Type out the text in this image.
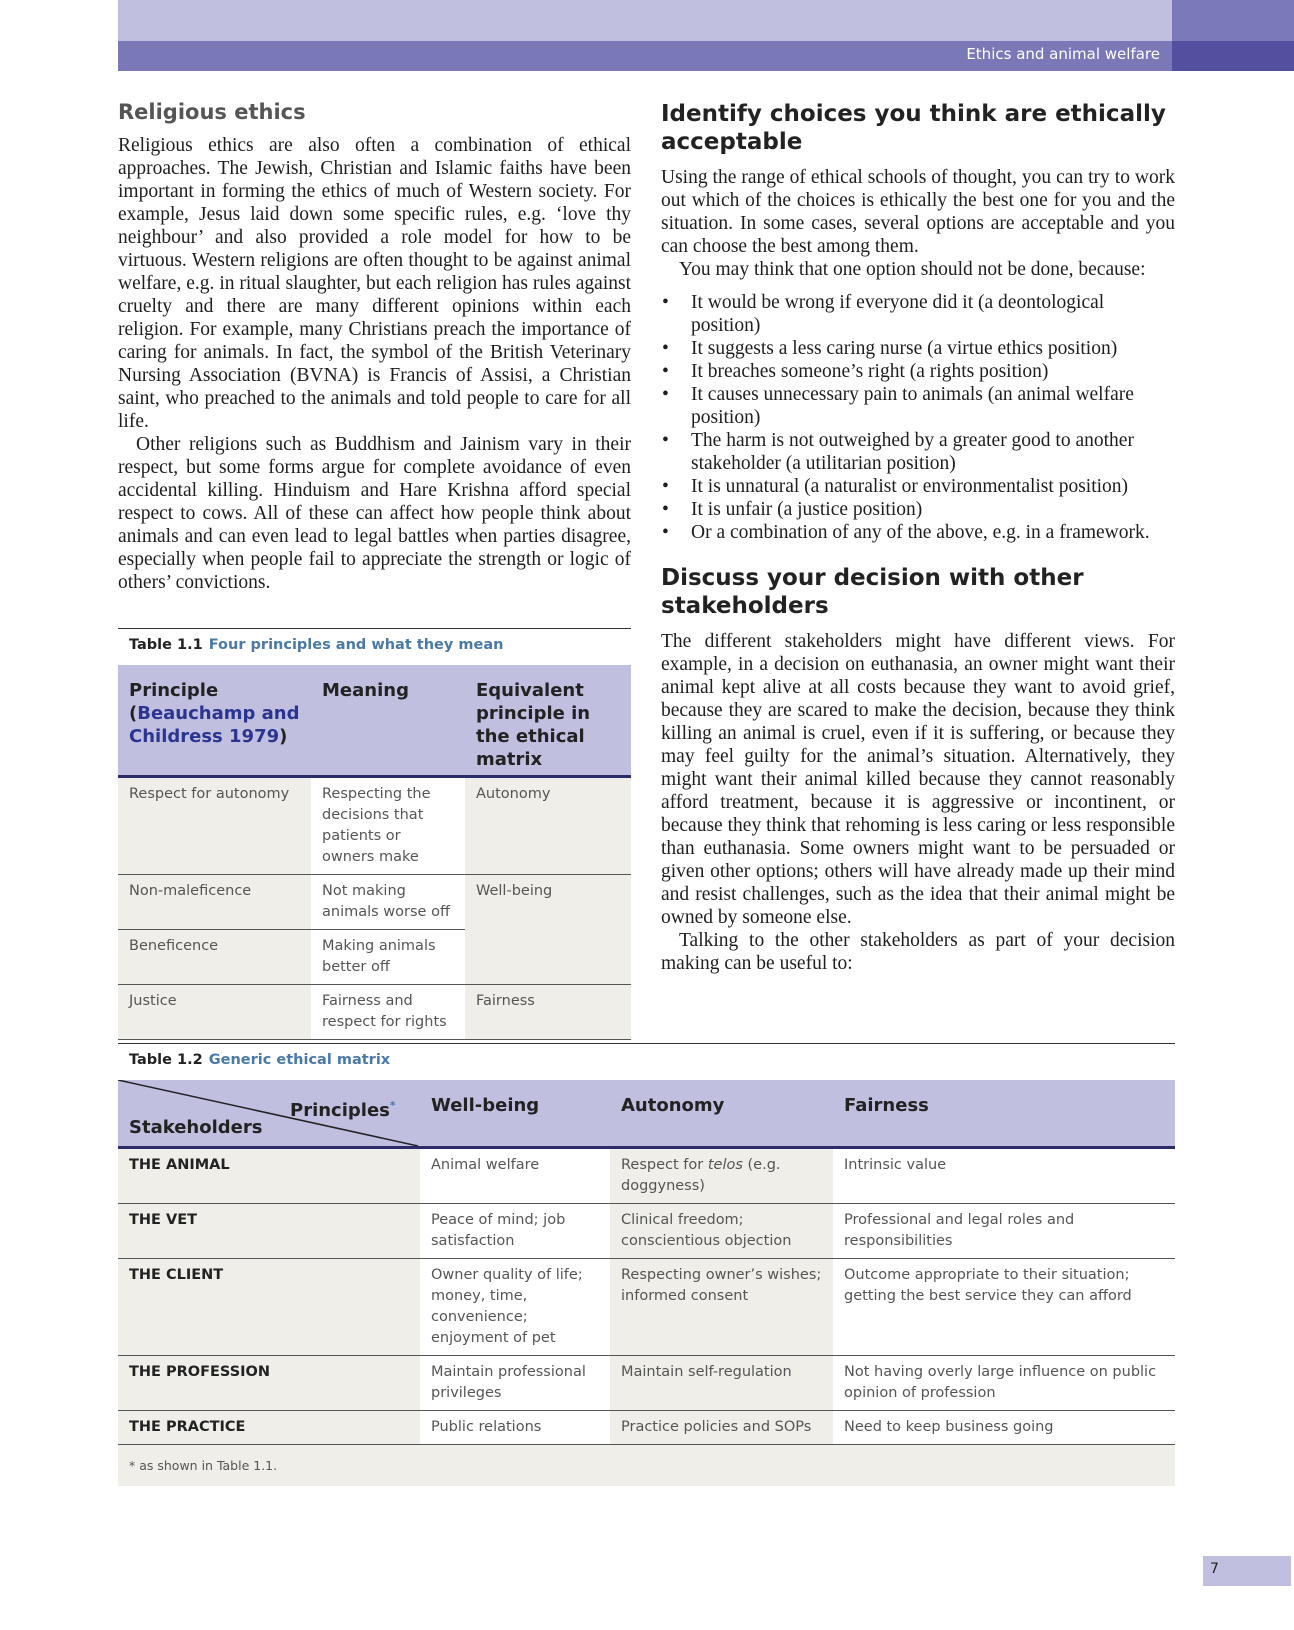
Ethics and animal welfare
Religious ethics

Religious ethics are also often a combination of ethical approaches. The Jewish, Christian and Islamic faiths have been important in forming the ethics of much of Western society. For example, Jesus laid down some specific rules, e.g. ‘love thy neighbour’ and also provided a role model for how to be virtuous. Western religions are often thought to be against animal welfare, e.g. in ritual slaughter, but each religion has rules against cruelty and there are many different opinions within each religion. For example, many Christians preach the importance of caring for animals. In fact, the symbol of the British Veterinary Nursing Association (BVNA) is Francis of Assisi, a Christian saint, who preached to the animals and told people to care for all life.

Other religions such as Buddhism and Jainism vary in their respect, but some forms argue for complete avoidance of even accidental killing. Hinduism and Hare Krishna afford special respect to cows. All of these can affect how people think about animals and can even lead to legal battles when parties disagree, especially when people fail to appreciate the strength or logic of others’ convictions.

Identify choices you think are ethically acceptable

Using the range of ethical schools of thought, you can try to work out which of the choices is ethically the best one for you and the situation. In some cases, several options are acceptable and you can choose the best among them.

You may think that one option should not be done, because:

• It would be wrong if everyone did it (a deontological position)
• It suggests a less caring nurse (a virtue ethics position)
• It breaches someone’s right (a rights position)
• It causes unnecessary pain to animals (an animal welfare position)
• The harm is not outweighed by a greater good to another stakeholder (a utilitarian position)
• It is unnatural (a naturalist or environmentalist position)
• It is unfair (a justice position)
• Or a combination of any of the above, e.g. in a framework.
Discuss your decision with other stakeholders

The different stakeholders might have different views. For example, in a decision on euthanasia, an owner might want their animal kept alive at all costs because they want to avoid grief, because they are scared to make the decision, because they think killing an animal is cruel, even if it is suffering, or because they may feel guilty for the animal’s situation. Alternatively, they might want their animal killed because they cannot reasonably afford treatment, because it is aggressive or incontinent, or because they think that rehoming is less caring or less responsible than euthanasia. Some owners might want to be persuaded or given other options; others will have already made up their mind and resist challenges, such as the idea that their animal might be owned by someone else.

Talking to the other stakeholders as part of your decision making can be useful to:

Table 1.1 Four principles and what they mean
Principle
(Beauchamp and Childress 1979)	Meaning	Equivalent principle in the ethical matrix
Respect for autonomy	Respecting the decisions that patients or owners make	Autonomy
Non-maleficence	Not making animals worse off	Well-being
Beneficence	Making animals better off	
Justice	Fairness and respect for rights	Fairness
Table 1.2 Generic ethical matrix
Principles*
Stakeholders	Well-being	Autonomy	Fairness
THE ANIMAL	Animal welfare	Respect for telos (e.g. doggyness)	Intrinsic value
THE VET	Peace of mind; job satisfaction	Clinical freedom; conscientious objection	Professional and legal roles and responsibilities
THE CLIENT	Owner quality of life; money, time, convenience; enjoyment of pet	Respecting owner’s wishes; informed consent	Outcome appropriate to their situation; getting the best service they can afford
THE PROFESSION	Maintain professional privileges	Maintain self-regulation	Not having overly large influence on public opinion of profession
THE PRACTICE	Public relations	Practice policies and SOPs	Need to keep business going
* as shown in Table 1.1.			
7
